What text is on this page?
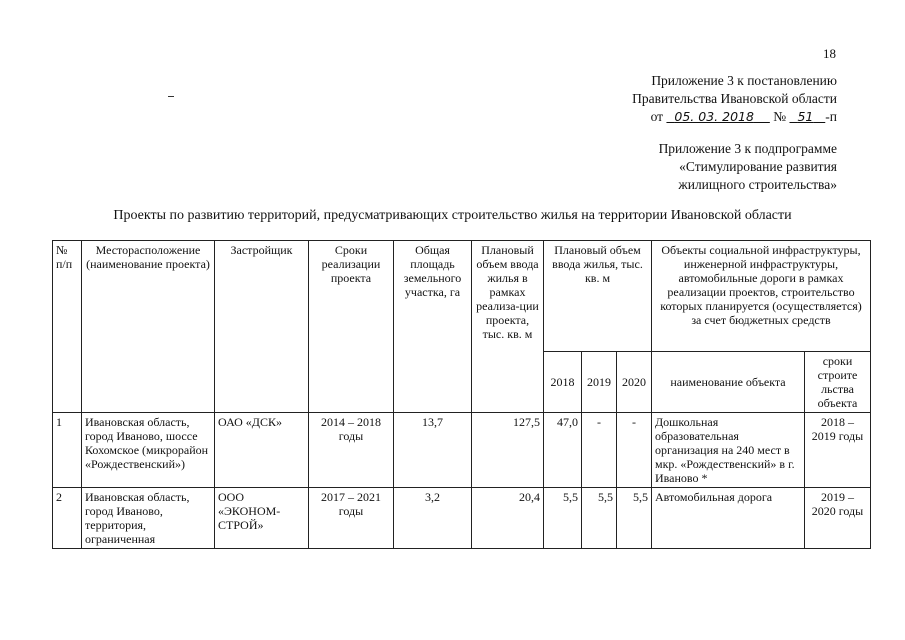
18
Приложение 3 к постановлению
Правительства Ивановской области
от 05. 03. 2018 № 51 -п
Приложение 3 к подпрограмме
«Стимулирование развития
жилищного строительства»
Проекты по развитию территорий, предусматривающих строительство жилья на территории Ивановской области
№ п/п	Месторасположение (наименование проекта)	Застройщик	Сроки реализации проекта	Общая площадь земельного участка, га	Плановый объем ввода жилья в рамках реализа-ции проекта, тыс. кв. м	Плановый объем ввода жилья, тыс. кв. м			Объекты социальной инфраструктуры, инженерной инфраструктуры, автомобильные дороги в рамках реализации проектов, строительство которых планируется (осуществляется) за счет бюджетных средств	
						2018	2019	2020	наименование объекта	сроки строите льства объекта
1	Ивановская область, город Иваново, шоссе Кохомское (микрорайон «Рождественский»)	ОАО «ДСК»	2014 – 2018 годы	13,7	127,5	47,0	-	-	Дошкольная образовательная организация на 240 мест в мкр. «Рождественский» в г. Иваново *	2018 – 2019 годы
2	Ивановская область, город Иваново, территория, ограниченная	ООО «ЭКОНОМ-СТРОЙ»	2017 – 2021 годы	3,2	20,4	5,5	5,5	5,5	Автомобильная дорога	2019 – 2020 годы
